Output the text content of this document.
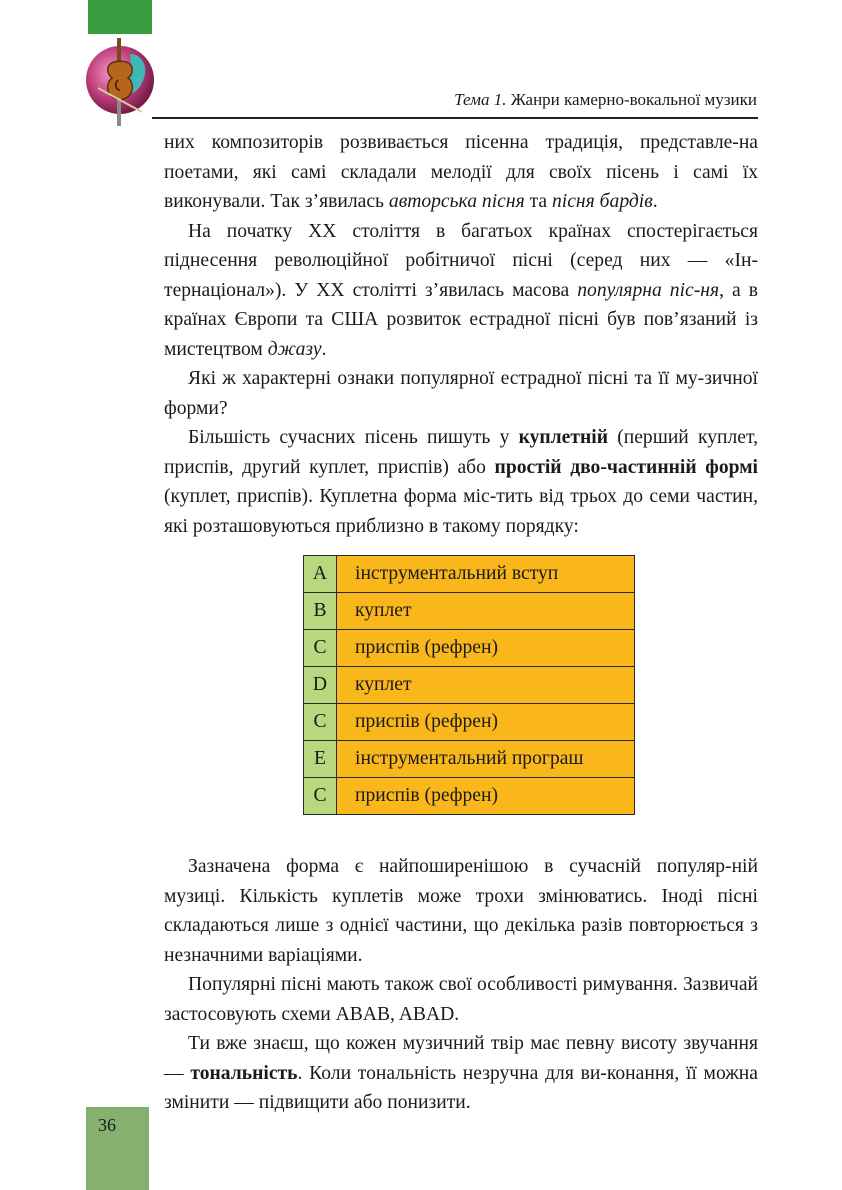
Тема 1. Жанри камерно-вокальної музики

них композиторів розвивається пісенна традиція, представле-на поетами, які самі складали мелодії для своїх пісень і самі їх виконували. Так з’явилась авторська пісня та пісня бардів.

На початку XX століття в багатьох країнах спостерігається піднесення революційної робітничої пісні (серед них — «Ін-тернаціонал»). У XX столітті з’явилась масова популярна піс-ня, а в країнах Європи та США розвиток естрадної пісні був пов’язаний із мистецтвом джазу.

Які ж характерні ознаки популярної естрадної пісні та її му-зичної форми?

Більшість сучасних пісень пишуть у куплетній (перший куплет, приспів, другий куплет, приспів) або простій дво-частинній формі (куплет, приспів). Куплетна форма міс-тить від трьох до семи частин, які розташовуються приблизно в такому порядку:

A	інструментальний вступ
B	куплет
C	приспів (рефрен)
D	куплет
C	приспів (рефрен)
E	інструментальний програш
C	приспів (рефрен)

Зазначена форма є найпоширенішою в сучасній популяр-ній музиці. Кількість куплетів може трохи змінюватись. Іноді пісні складаються лише з однієї частини, що декілька разів повторюється з незначними варіаціями.

Популярні пісні мають також свої особливості римування. Зазвичай застосовують схеми ABAB, ABAD.

Ти вже знаєш, що кожен музичний твір має певну висоту звучання — тональність. Коли тональність незручна для ви-конання, її можна змінити — підвищити або понизити.

36
